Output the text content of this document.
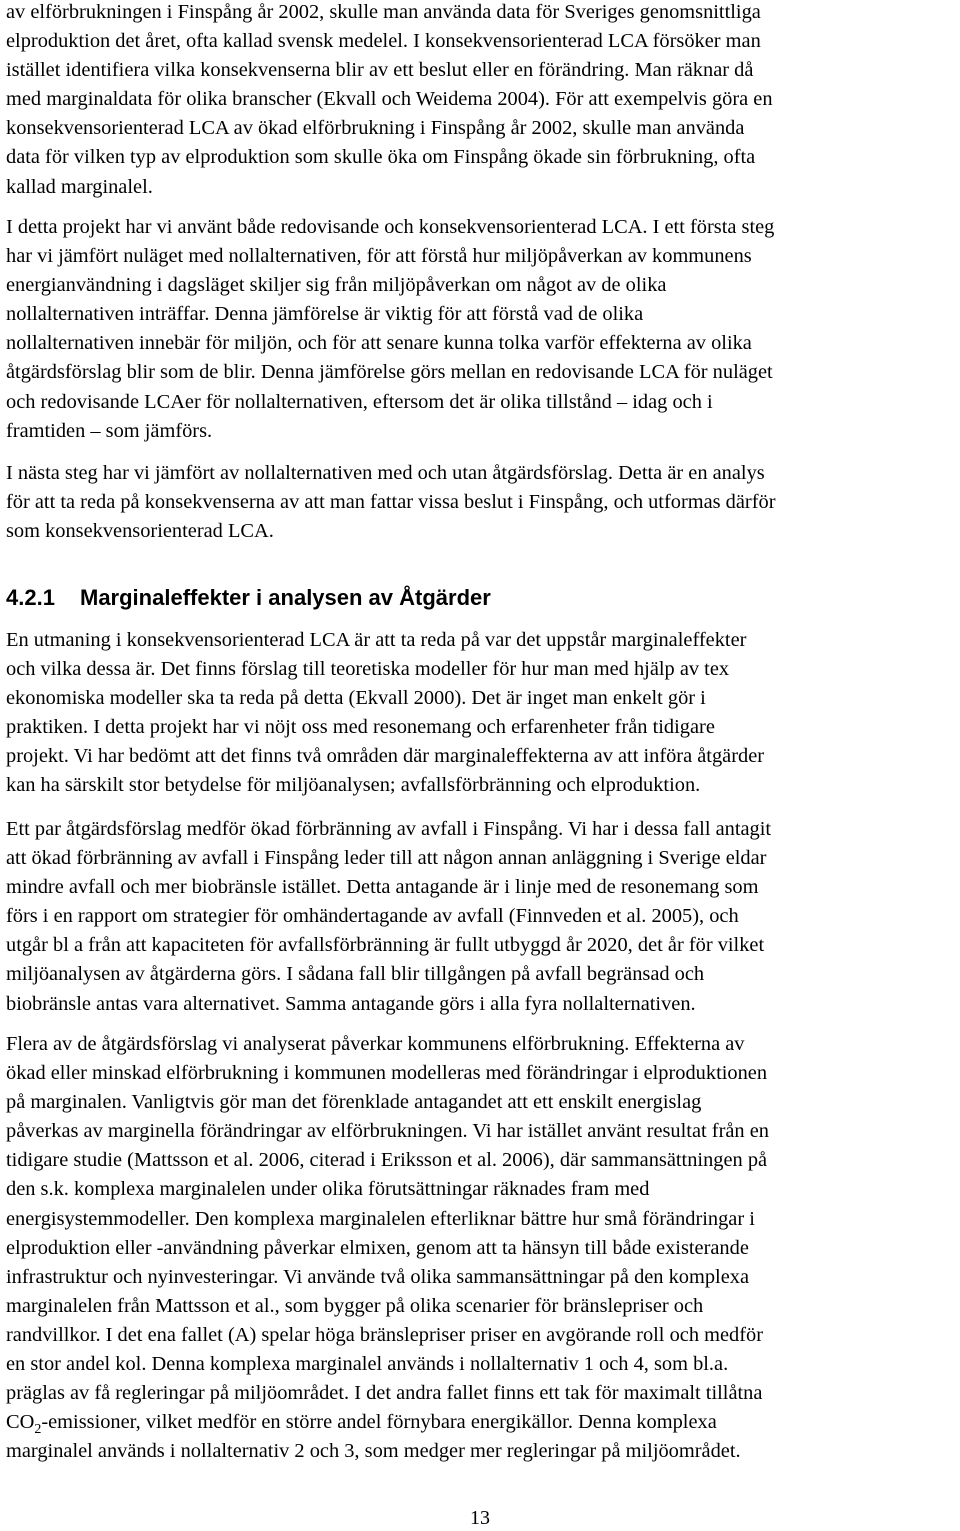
av elförbrukningen i Finspång år 2002, skulle man använda data för Sveriges genomsnittliga
elproduktion det året, ofta kallad svensk medelel. I konsekvensorienterad LCA försöker man
istället identifiera vilka konsekvenserna blir av ett beslut eller en förändring. Man räknar då
med marginaldata för olika branscher (Ekvall och Weidema 2004). För att exempelvis göra en
konsekvensorienterad LCA av ökad elförbrukning i Finspång år 2002, skulle man använda
data för vilken typ av elproduktion som skulle öka om Finspång ökade sin förbrukning, ofta
kallad marginalel.
I detta projekt har vi använt både redovisande och konsekvensorienterad LCA. I ett första steg
har vi jämfört nuläget med nollalternativen, för att förstå hur miljöpåverkan av kommunens
energianvändning i dagsläget skiljer sig från miljöpåverkan om något av de olika
nollalternativen inträffar. Denna jämförelse är viktig för att förstå vad de olika
nollalternativen innebär för miljön, och för att senare kunna tolka varför effekterna av olika
åtgärdsförslag blir som de blir. Denna jämförelse görs mellan en redovisande LCA för nuläget
och redovisande LCAer för nollalternativen, eftersom det är olika tillstånd – idag och i
framtiden – som jämförs.
I nästa steg har vi jämfört av nollalternativen med och utan åtgärdsförslag. Detta är en analys
för att ta reda på konsekvenserna av att man fattar vissa beslut i Finspång, och utformas därför
som konsekvensorienterad LCA.
4.2.1 Marginaleffekter i analysen av Åtgärder
En utmaning i konsekvensorienterad LCA är att ta reda på var det uppstår marginaleffekter
och vilka dessa är. Det finns förslag till teoretiska modeller för hur man med hjälp av tex
ekonomiska modeller ska ta reda på detta (Ekvall 2000). Det är inget man enkelt gör i
praktiken. I detta projekt har vi nöjt oss med resonemang och erfarenheter från tidigare
projekt. Vi har bedömt att det finns två områden där marginaleffekterna av att införa åtgärder
kan ha särskilt stor betydelse för miljöanalysen; avfallsförbränning och elproduktion.
Ett par åtgärdsförslag medför ökad förbränning av avfall i Finspång. Vi har i dessa fall antagit
att ökad förbränning av avfall i Finspång leder till att någon annan anläggning i Sverige eldar
mindre avfall och mer biobränsle istället. Detta antagande är i linje med de resonemang som
förs i en rapport om strategier för omhändertagande av avfall (Finnveden et al. 2005), och
utgår bl a från att kapaciteten för avfallsförbränning är fullt utbyggd år 2020, det år för vilket
miljöanalysen av åtgärderna görs. I sådana fall blir tillgången på avfall begränsad och
biobränsle antas vara alternativet. Samma antagande görs i alla fyra nollalternativen.
Flera av de åtgärdsförslag vi analyserat påverkar kommunens elförbrukning. Effekterna av
ökad eller minskad elförbrukning i kommunen modelleras med förändringar i elproduktionen
på marginalen. Vanligtvis gör man det förenklade antagandet att ett enskilt energislag
påverkas av marginella förändringar av elförbrukningen. Vi har istället använt resultat från en
tidigare studie (Mattsson et al. 2006, citerad i Eriksson et al. 2006), där sammansättningen på
den s.k. komplexa marginalelen under olika förutsättningar räknades fram med
energisystemmodeller. Den komplexa marginalelen efterliknar bättre hur små förändringar i
elproduktion eller -användning påverkar elmixen, genom att ta hänsyn till både existerande
infrastruktur och nyinvesteringar. Vi använde två olika sammansättningar på den komplexa
marginalelen från Mattsson et al., som bygger på olika scenarier för bränslepriser och
randvillkor. I det ena fallet (A) spelar höga bränslepriser priser en avgörande roll och medför
en stor andel kol. Denna komplexa marginalel används i nollalternativ 1 och 4, som bl.a.
präglas av få regleringar på miljöområdet. I det andra fallet finns ett tak för maximalt tillåtna
$CO_2$-emissioner, vilket medför en större andel förnybara energikällor. Denna komplexa
marginalel används i nollalternativ 2 och 3, som medger mer regleringar på miljöområdet.
13
